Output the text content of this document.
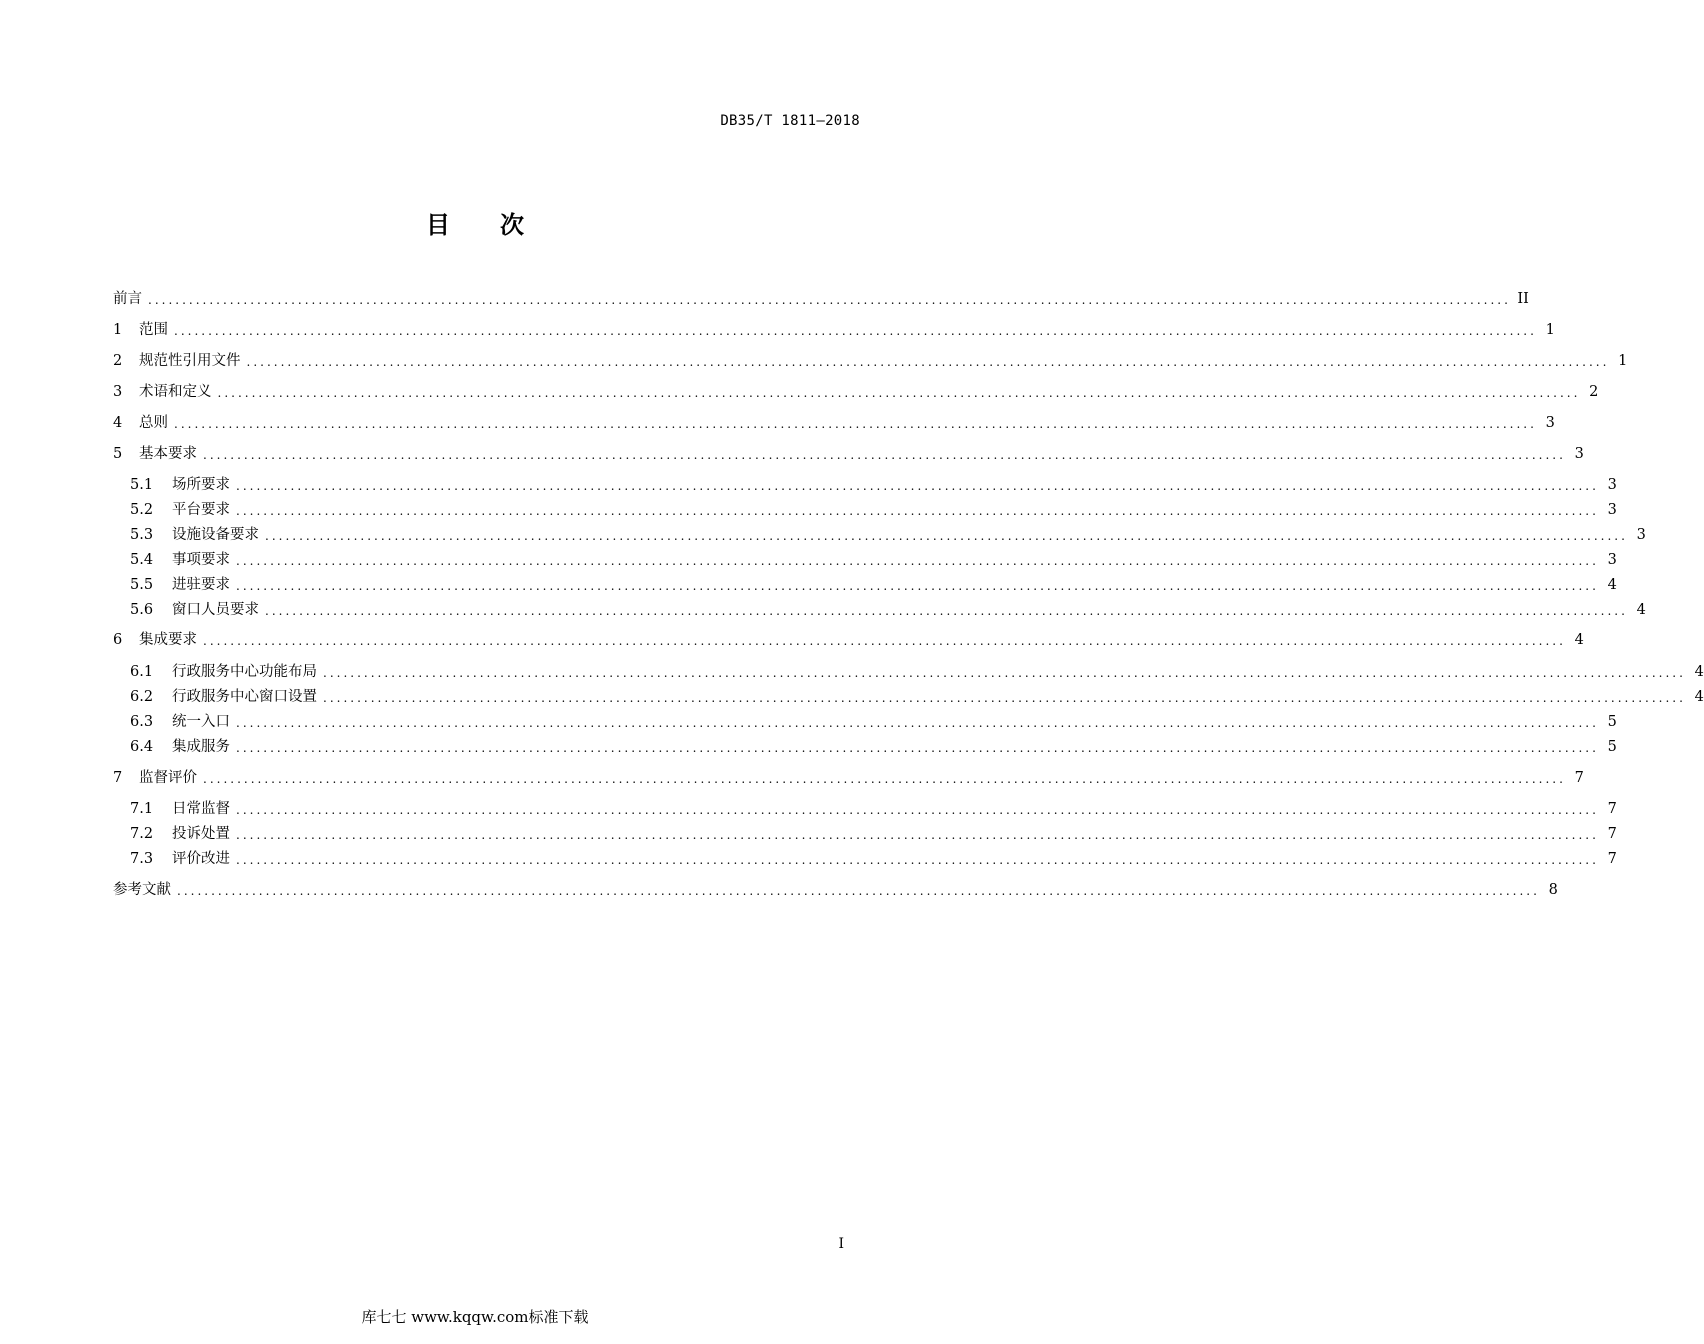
DB35/T 1811—2018
目次
前言 ........................................................................................................................................................................................................ II
1	范围 ........................................................................................................................................................................................................ 1
2	规范性引用文件 ........................................................................................................................................................................................................ 1
3	术语和定义 ........................................................................................................................................................................................................ 2
4	总则 ........................................................................................................................................................................................................ 3
5	基本要求 ........................................................................................................................................................................................................ 3
5.1	场所要求 ........................................................................................................................................................................................................ 3
5.2	平台要求 ........................................................................................................................................................................................................ 3
5.3	设施设备要求 ........................................................................................................................................................................................................ 3
5.4	事项要求 ........................................................................................................................................................................................................ 3
5.5	进驻要求 ........................................................................................................................................................................................................ 4
5.6	窗口人员要求 ........................................................................................................................................................................................................ 4
6	集成要求 ........................................................................................................................................................................................................ 4
6.1	行政服务中心功能布局 ........................................................................................................................................................................................................ 4
6.2	行政服务中心窗口设置 ........................................................................................................................................................................................................ 4
6.3	统一入口 ........................................................................................................................................................................................................ 5
6.4	集成服务 ........................................................................................................................................................................................................ 5
7	监督评价 ........................................................................................................................................................................................................ 7
7.1	日常监督 ........................................................................................................................................................................................................ 7
7.2	投诉处置 ........................................................................................................................................................................................................ 7
7.3	评价改进 ........................................................................................................................................................................................................ 7
参考文献 ........................................................................................................................................................................................................ 8
I
库七七 www.kqqw.com标准下载
